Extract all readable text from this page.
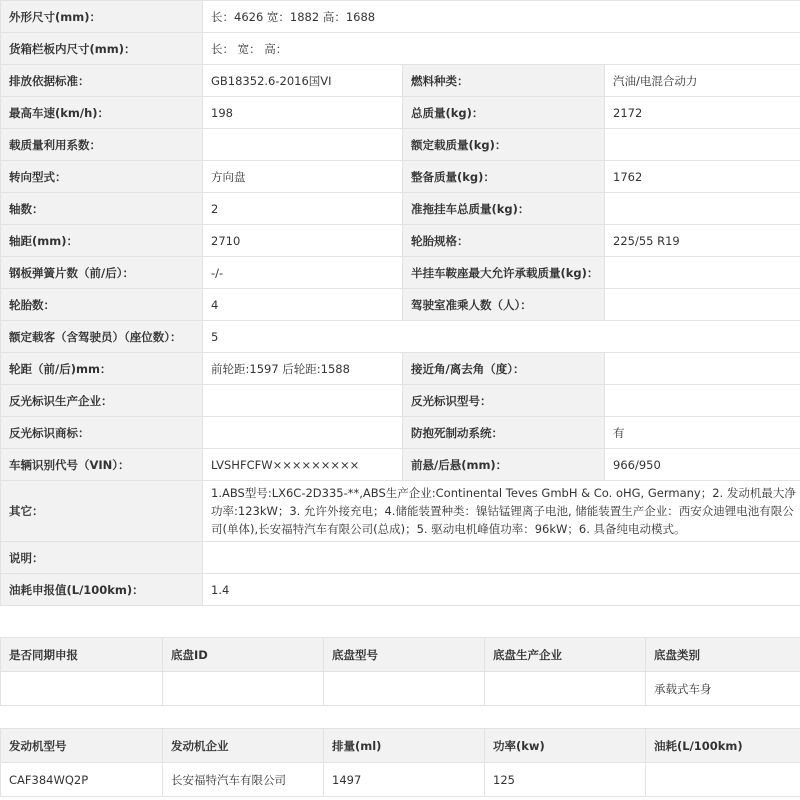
外形尺寸(mm)：	长：4626 宽：1882 高：1688		
货箱栏板内尺寸(mm)：	长： 宽： 高：		
排放依据标准：	GB18352.6-2016国VI	燃料种类：	汽油/电混合动力
最高车速(km/h)：	198	总质量(kg)：	2172
载质量利用系数：		额定载质量(kg)：	
转向型式：	方向盘	整备质量(kg)：	1762
轴数：	2	准拖挂车总质量(kg)：	
轴距(mm)：	2710	轮胎规格：	225/55 R19
钢板弹簧片数（前/后）：	-/-	半挂车鞍座最大允许承载质量(kg)：	
轮胎数：	4	驾驶室准乘人数（人）：	
额定载客（含驾驶员）（座位数）：	5		
轮距（前/后)mm：	前轮距:1597 后轮距:1588	接近角/离去角（度）：	
反光标识生产企业：		反光标识型号：	
反光标识商标：		防抱死制动系统：	有
车辆识别代号（VIN）：	LVSHFCFW×××××××××	前悬/后悬(mm)：	966/950
其它：	1.ABS型号:LX6C-2D335-**,ABS生产企业:Continental Teves GmbH & Co. oHG, Germany；2. 发动机最大净功率:123kW；3. 允许外接充电；4.储能装置种类：镍钴锰锂离子电池, 储能装置生产企业：西安众迪锂电池有限公司(单体),长安福特汽车有限公司(总成)；5. 驱动电机峰值功率：96kW；6. 具备纯电动模式。		
说明：			
油耗申报值(L/100km)：	1.4		
是否同期申报	底盘ID	底盘型号	底盘生产企业	底盘类别
				承载式车身
发动机型号	发动机企业	排量(ml)	功率(kw)	油耗(L/100km)
CAF384WQ2P	长安福特汽车有限公司	1497	125	
